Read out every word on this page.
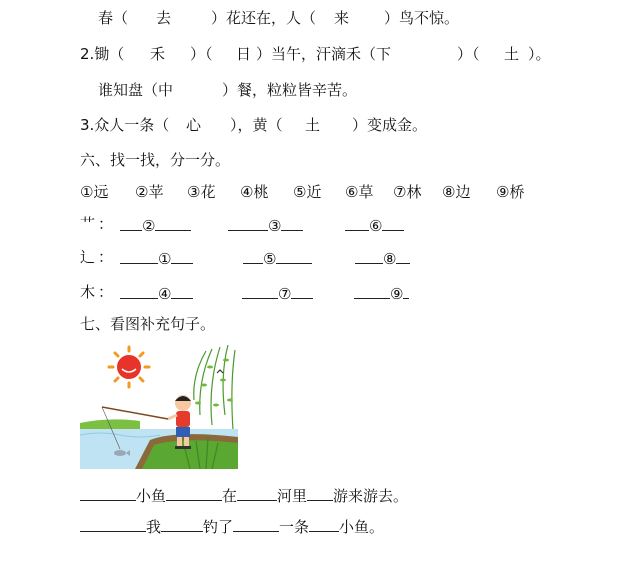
春（ 去	）花还在，人（ 来 ）鸟不惊。
2.锄（ 禾 ）（ 日 ）当午，汗滴禾（下	）（ 土 ）。
谁知盘（中	）餐，粒粒皆辛苦。
3.众人一条（ 心 ），黄（ 土 ）变成金。
六、找一找，分一分。
①远 ②苹 ③花 ④桃 ⑤近 ⑥草 ⑦林 ⑧边 ⑨桥
艹 ：	②	③	⑥
辶 ：	①	⑤	⑧
木 ：	④	⑦	⑨
七、看图补充句子。
小鱼	在	河里 游来游去。
我	钓了	一条 小鱼。
